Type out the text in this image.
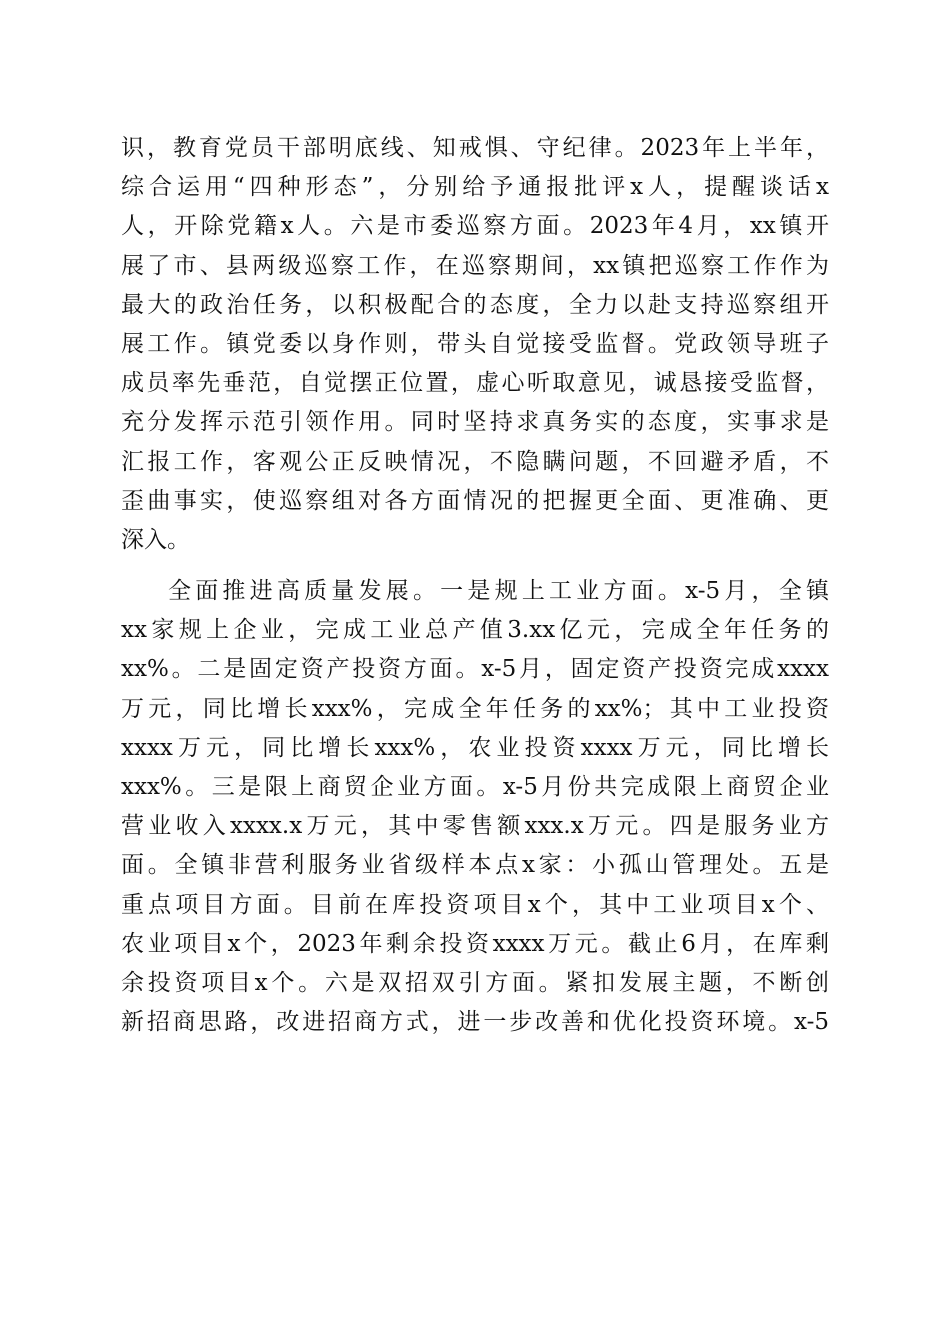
识，教育党员干部明底线、知戒惧、守纪律。2023年上半年，
综合运用“四种形态”，分别给予通报批评x人，提醒谈话x
人，开除党籍x人。六是市委巡察方面。2023年4月，xx镇开
展了市、县两级巡察工作，在巡察期间，xx镇把巡察工作作为
最大的政治任务，以积极配合的态度，全力以赴支持巡察组开
展工作。镇党委以身作则，带头自觉接受监督。党政领导班子
成员率先垂范，自觉摆正位置，虚心听取意见，诚恳接受监督，
充分发挥示范引领作用。同时坚持求真务实的态度，实事求是
汇报工作，客观公正反映情况，不隐瞒问题，不回避矛盾，不
歪曲事实，使巡察组对各方面情况的把握更全面、更准确、更
深入。
全面推进高质量发展。一是规上工业方面。x-5月，全镇
xx家规上企业，完成工业总产值3.xx亿元，完成全年任务的
xx%。二是固定资产投资方面。x-5月，固定资产投资完成xxxx
万元，同比增长xxx%，完成全年任务的xx%；其中工业投资
xxxx万元，同比增长xxx%，农业投资xxxx万元，同比增长
xxx%。三是限上商贸企业方面。x-5月份共完成限上商贸企业
营业收入xxxx.x万元，其中零售额xxx.x万元。四是服务业方
面。全镇非营利服务业省级样本点x家：小孤山管理处。五是
重点项目方面。目前在库投资项目x个，其中工业项目x个、
农业项目x个，2023年剩余投资xxxx万元。截止6月，在库剩
余投资项目x个。六是双招双引方面。紧扣发展主题，不断创
新招商思路，改进招商方式，进一步改善和优化投资环境。x-5
